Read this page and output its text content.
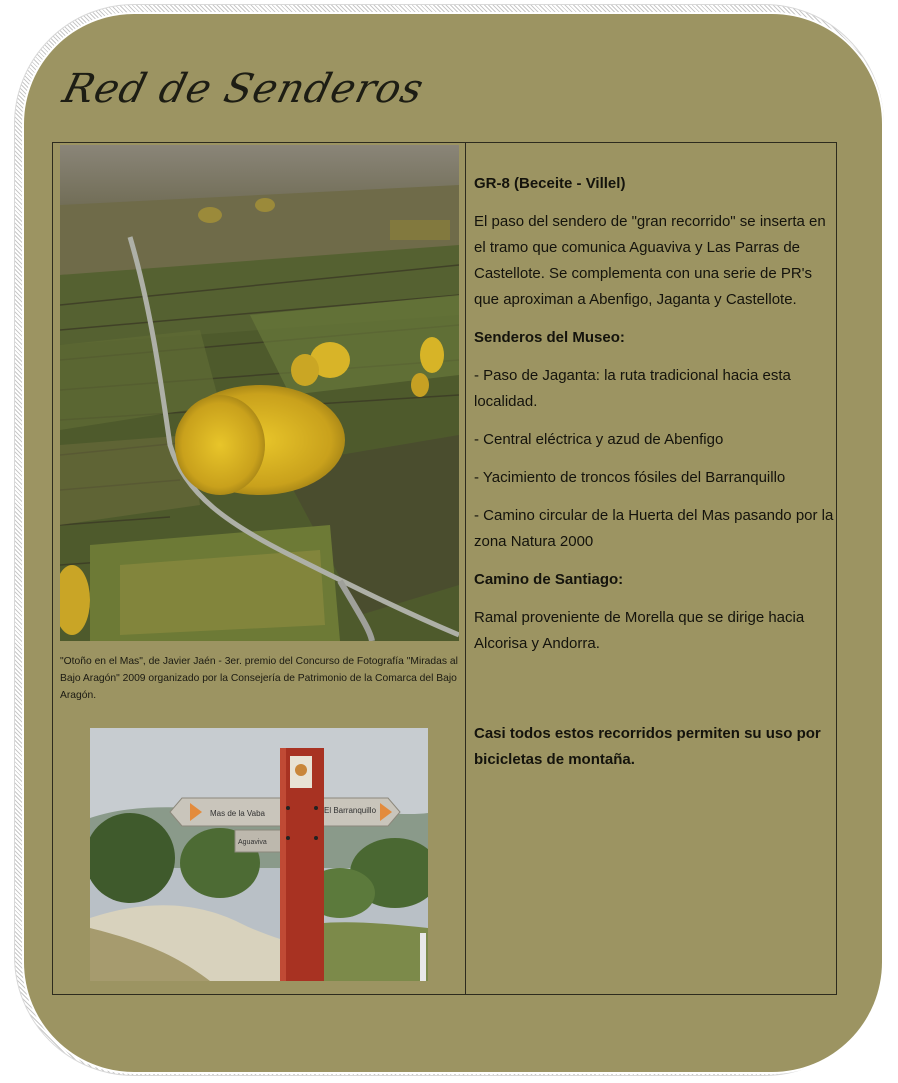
Red de Senderos

"Otoño en el Mas", de Javier Jaén - 3er. premio del Concurso de Fotografía "Miradas al Bajo Aragón" 2009 organizado por la Consejería de Patrimonio de la Comarca del Bajo Aragón.

Mas de la Vaba	El Barranquillo
Aguaviva

GR-8 (Beceite - Villel)

El paso del sendero de "gran recorrido" se inserta en el tramo que comunica Aguaviva y Las Parras de Castellote. Se complementa con una serie de PR's que aproximan a Abenfigo, Jaganta y Castellote.

Senderos del Museo:

- Paso de Jaganta: la ruta tradicional hacia esta localidad.

- Central eléctrica y azud de Abenfigo

- Yacimiento de troncos fósiles del Barranquillo

- Camino circular de la Huerta del Mas pasando por la zona Natura 2000

Camino de Santiago:

Ramal proveniente de Morella que se dirige hacia Alcorisa y Andorra.

Casi todos estos recorridos permiten su uso por bicicletas de montaña.
